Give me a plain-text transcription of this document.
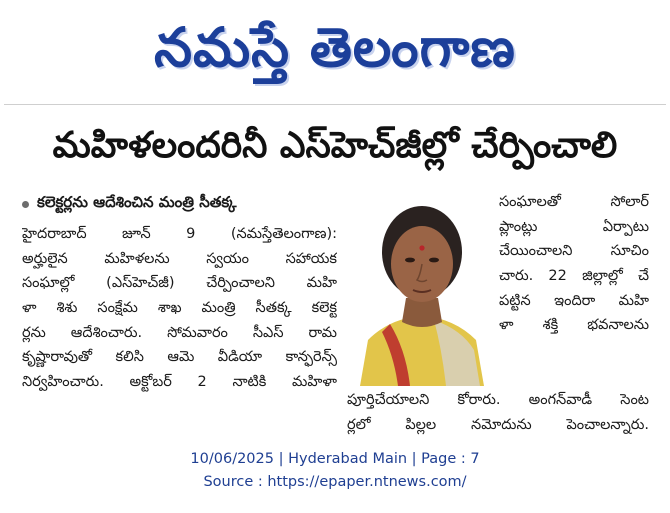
నమస్తే తెలంగాణ
మహిళలందరినీ ఎస్‌హెచ్‌జీల్లో చేర్పించాలి
కలెక్టర్లను ఆదేశించిన మంత్రి సీతక్క
హైదరాబాద్‌ జూన్‌ 9 (నమస్తేతెలంగాణ):
అర్హులైన మహిళలను స్వయం సహాయక
సంఘాల్లో (ఎస్‌హెచ్‌జీ) చేర్పించాలని మహి
ళా శిశు సంక్షేమ శాఖ మంత్రి సీతక్క కలెక్ట
ర్లను ఆదేశించారు. సోమవారం సీఎస్‌ రామ
కృష్ణారావుతో కలిసి ఆమె వీడియా కాన్ఫరెన్స్‌
నిర్వహించారు. అక్టోబర్‌ 2 నాటికి మహిళా
సంఘాలతో సోలార్‌
ప్లాంట్లు ఏర్పాటు
చేయించాలని సూచిం
చారు. 22 జిల్లాల్లో చే
పట్టిన ఇందిరా మహి
ళా శక్తి భవనాలను
పూర్తిచేయాలని కోరారు. అంగన్‌వాడీ సెంట
ర్లలో పిల్లల నమోదును పెంచాలన్నారు.
10/06/2025 | Hyderabad Main | Page : 7
Source : https://epaper.ntnews.com/
